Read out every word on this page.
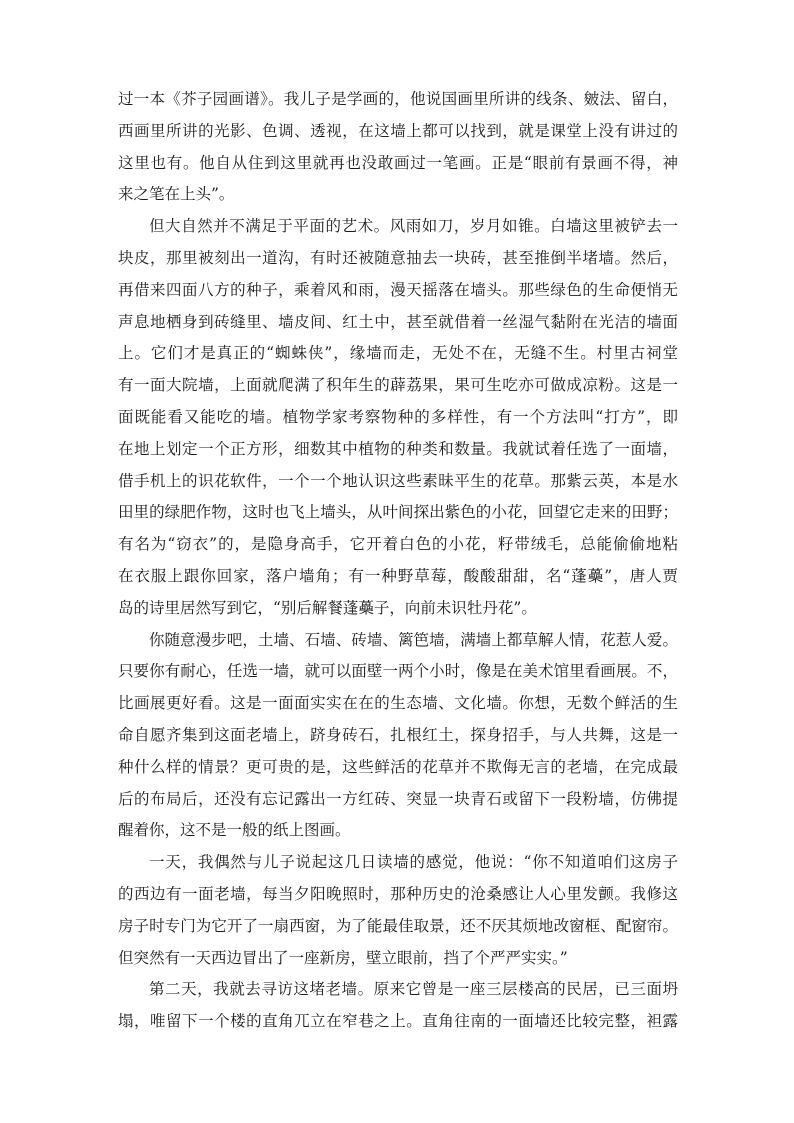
过一本《芥子园画谱》。我儿子是学画的，他说国画里所讲的线条、皴法、留白，
西画里所讲的光影、色调、透视，在这墙上都可以找到，就是课堂上没有讲过的
这里也有。他自从住到这里就再也没敢画过一笔画。正是“眼前有景画不得，神
来之笔在上头”。
但大自然并不满足于平面的艺术。风雨如刀，岁月如锥。白墙这里被铲去一
块皮，那里被刻出一道沟，有时还被随意抽去一块砖，甚至推倒半堵墙。然后，
再借来四面八方的种子，乘着风和雨，漫天摇落在墙头。那些绿色的生命便悄无
声息地栖身到砖缝里、墙皮间、红土中，甚至就借着一丝湿气黏附在光洁的墙面
上。它们才是真正的“蜘蛛侠”，缘墙而走，无处不在，无缝不生。村里古祠堂
有一面大院墙，上面就爬满了积年生的薜荔果，果可生吃亦可做成凉粉。这是一
面既能看又能吃的墙。植物学家考察物种的多样性，有一个方法叫“打方”，即
在地上划定一个正方形，细数其中植物的种类和数量。我就试着任选了一面墙，
借手机上的识花软件，一个一个地认识这些素昧平生的花草。那紫云英，本是水
田里的绿肥作物，这时也飞上墙头，从叶间探出紫色的小花，回望它走来的田野；
有名为“窃衣”的，是隐身高手，它开着白色的小花，籽带绒毛，总能偷偷地粘
在衣服上跟你回家，落户墙角；有一种野草莓，酸酸甜甜，名“蓬蘽”，唐人贾
岛的诗里居然写到它，“别后解餐蓬蘽子，向前未识牡丹花”。
你随意漫步吧，土墙、石墙、砖墙、篱笆墙，满墙上都草解人情，花惹人爱。
只要你有耐心，任选一墙，就可以面壁一两个小时，像是在美术馆里看画展。不，
比画展更好看。这是一面面实实在在的生态墙、文化墙。你想，无数个鲜活的生
命自愿齐集到这面老墙上，跻身砖石，扎根红土，探身招手，与人共舞，这是一
种什么样的情景？更可贵的是，这些鲜活的花草并不欺侮无言的老墙，在完成最
后的布局后，还没有忘记露出一方红砖、突显一块青石或留下一段粉墙，仿佛提
醒着你，这不是一般的纸上图画。
一天，我偶然与儿子说起这几日读墙的感觉，他说：“你不知道咱们这房子
的西边有一面老墙，每当夕阳晚照时，那种历史的沧桑感让人心里发颤。我修这
房子时专门为它开了一扇西窗，为了能最佳取景，还不厌其烦地改窗框、配窗帘。
但突然有一天西边冒出了一座新房，壁立眼前，挡了个严严实实。”
第二天，我就去寻访这堵老墙。原来它曾是一座三层楼高的民居，已三面坍
塌，唯留下一个楼的直角兀立在窄巷之上。直角往南的一面墙还比较完整，袒露
